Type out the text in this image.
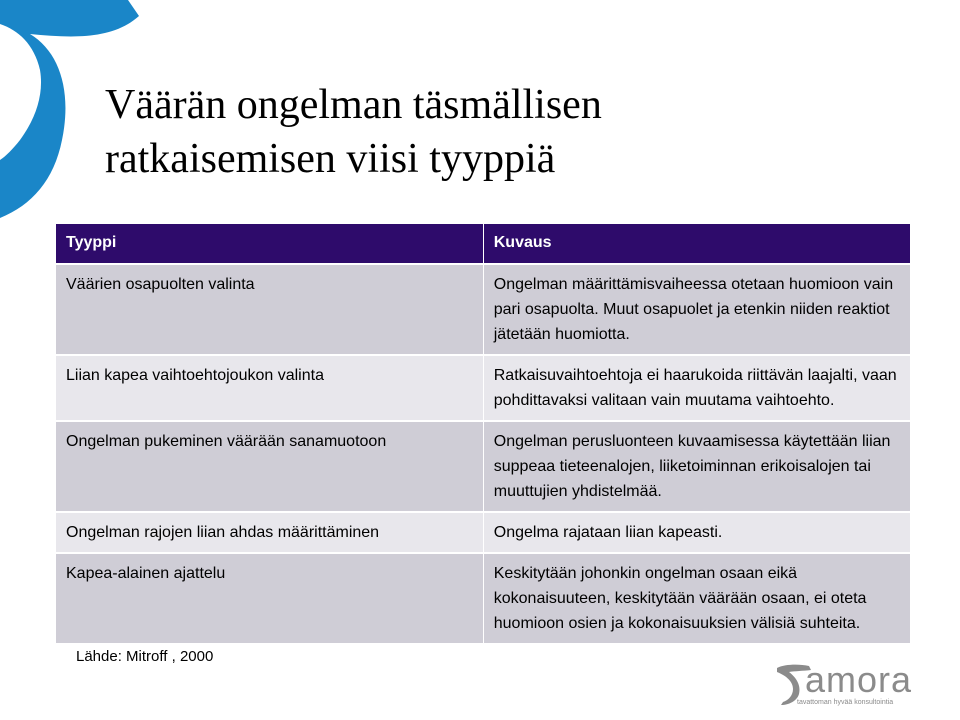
Väärän ongelman täsmällisen
ratkaisemisen viisi tyyppiä
Tyyppi	Kuvaus
Väärien osapuolten valinta	Ongelman määrittämisvaiheessa otetaan huomioon vain pari osapuolta. Muut osapuolet ja etenkin niiden reaktiot jätetään huomiotta.
Liian kapea vaihtoehtojoukon valinta	Ratkaisuvaihtoehtoja ei haarukoida riittävän laajalti, vaan pohdittavaksi valitaan vain muutama vaihtoehto.
Ongelman pukeminen väärään sanamuotoon	Ongelman perusluonteen kuvaamisessa käytettään liian suppeaa tieteenalojen, liiketoiminnan erikoisalojen tai muuttujien yhdistelmää.
Ongelman rajojen liian ahdas määrittäminen	Ongelma rajataan liian kapeasti.
Kapea-alainen ajattelu	Keskitytään johonkin ongelman osaan eikä kokonaisuuteen, keskitytään väärään osaan, ei oteta huomioon osien ja kokonaisuuksien välisiä suhteita.

Lähde: Mitroff , 2000

amora

tavattoman hyvää konsultointia
